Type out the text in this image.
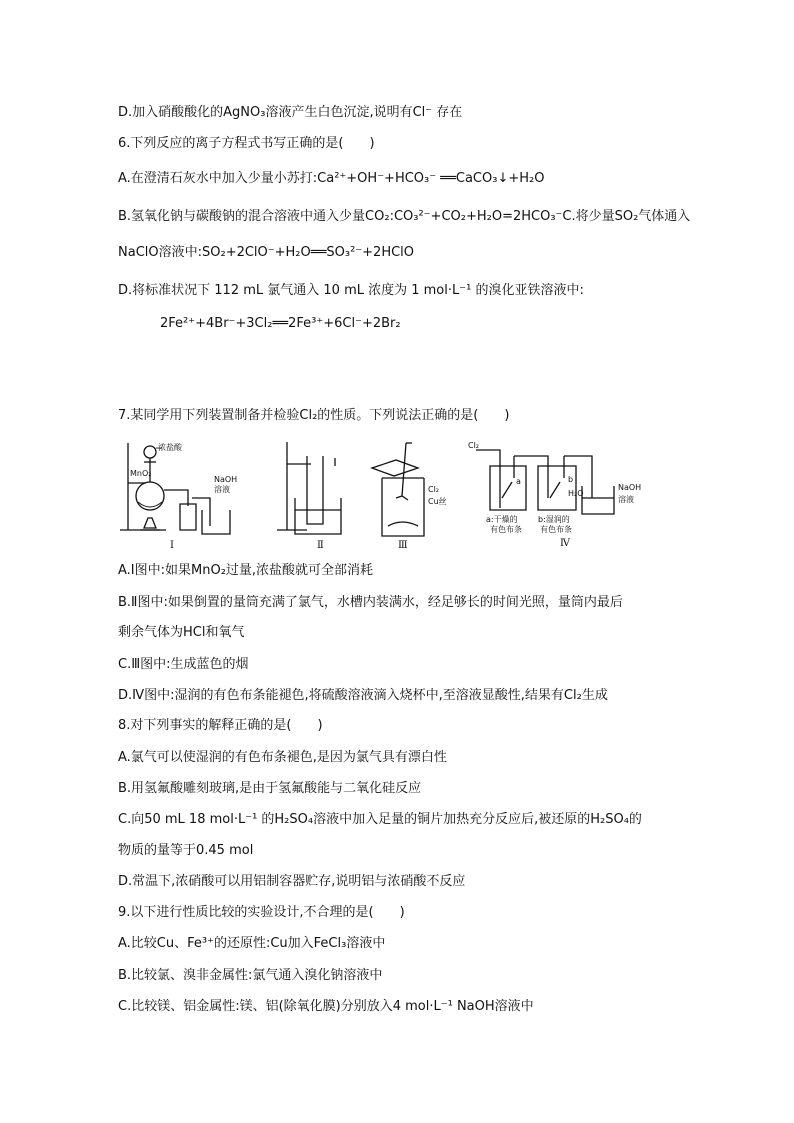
D.加入硝酸酸化的AgNO₃溶液产生白色沉淀,说明有Cl⁻ 存在
6.下列反应的离子方程式书写正确的是(　　)
A.在澄清石灰水中加入少量小苏打:Ca²⁺+OH⁻+HCO₃⁻ ══CaCO₃↓+H₂O
B.氢氧化钠与碳酸钠的混合溶液中通入少量CO₂:CO₃²⁻+CO₂+H₂O=2HCO₃⁻C.将少量SO₂气体通入
NaClO溶液中:SO₂+2ClO⁻+H₂O══SO₃²⁻+2HClO
D.将标准状况下 112 mL 氯气通入 10 mL 浓度为 1 mol·L⁻¹ 的溴化亚铁溶液中:
2Fe²⁺+4Br⁻+3Cl₂══2Fe³⁺+6Cl⁻+2Br₂
7.某同学用下列装置制备并检验Cl₂的性质。下列说法正确的是(　　)
浓盐酸
MnO₂
NaOH
溶液
Ⅰ	Ⅱ
Cl₂
Cu丝
Ⅲ
Cl₂
a	b
H₂O
a:干燥的
有色布条
b:湿润的
有色布条
NaOH
溶液
Ⅳ
A.Ⅰ图中:如果MnO₂过量,浓盐酸就可全部消耗
B.Ⅱ图中:如果倒置的量筒充满了氯气，水槽内装满水，经足够长的时间光照，量筒内最后
剩余气体为HCl和氧气
C.Ⅲ图中:生成蓝色的烟
D.Ⅳ图中:湿润的有色布条能褪色,将硫酸溶液滴入烧杯中,至溶液显酸性,结果有Cl₂生成
8.对下列事实的解释正确的是(　　)
A.氯气可以使湿润的有色布条褪色,是因为氯气具有漂白性
B.用氢氟酸雕刻玻璃,是由于氢氟酸能与二氧化硅反应
C.向50 mL 18 mol·L⁻¹ 的H₂SO₄溶液中加入足量的铜片加热充分反应后,被还原的H₂SO₄的
物质的量等于0.45 mol
D.常温下,浓硝酸可以用铝制容器贮存,说明铝与浓硝酸不反应
9.以下进行性质比较的实验设计,不合理的是(　　)
A.比较Cu、Fe³⁺的还原性:Cu加入FeCl₃溶液中
B.比较氯、溴非金属性:氯气通入溴化钠溶液中
C.比较镁、铝金属性:镁、铝(除氧化膜)分别放入4 mol·L⁻¹ NaOH溶液中
